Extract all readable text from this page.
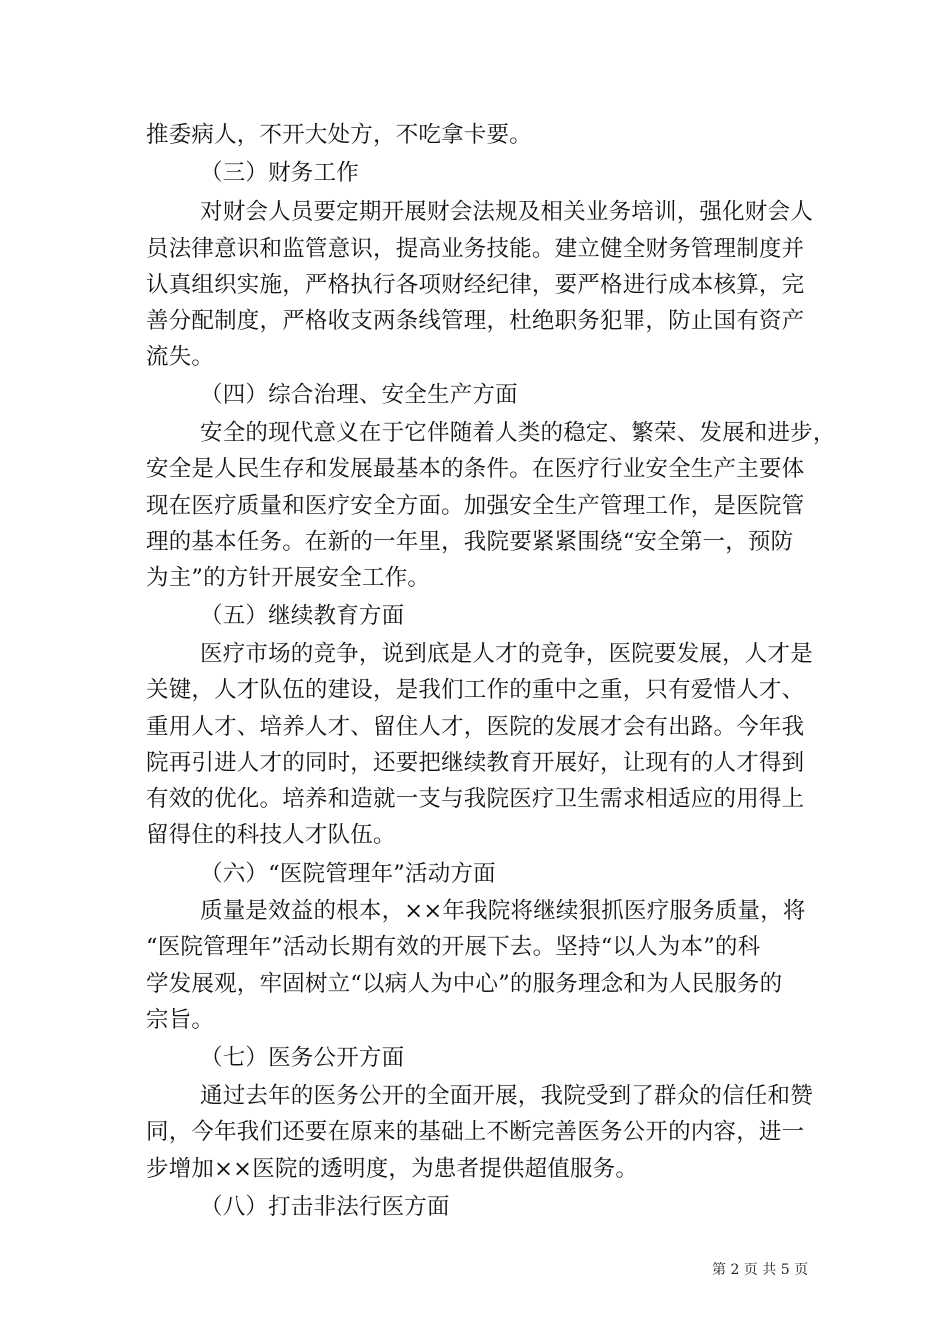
推委病人，不开大处方，不吃拿卡要。
（三）财务工作
对财会人员要定期开展财会法规及相关业务培训，强化财会人
员法律意识和监管意识，提高业务技能。建立健全财务管理制度并
认真组织实施，严格执行各项财经纪律，要严格进行成本核算，完
善分配制度，严格收支两条线管理，杜绝职务犯罪，防止国有资产
流失。
（四）综合治理、安全生产方面
安全的现代意义在于它伴随着人类的稳定、繁荣、发展和进步，
安全是人民生存和发展最基本的条件。在医疗行业安全生产主要体
现在医疗质量和医疗安全方面。加强安全生产管理工作，是医院管
理的基本任务。在新的一年里，我院要紧紧围绕“安全第一，预防
为主”的方针开展安全工作。
（五）继续教育方面
医疗市场的竞争，说到底是人才的竞争，医院要发展，人才是
关键，人才队伍的建设，是我们工作的重中之重，只有爱惜人才、
重用人才、培养人才、留住人才，医院的发展才会有出路。今年我
院再引进人才的同时，还要把继续教育开展好，让现有的人才得到
有效的优化。培养和造就一支与我院医疗卫生需求相适应的用得上
留得住的科技人才队伍。
（六）“医院管理年”活动方面
质量是效益的根本，××年我院将继续狠抓医疗服务质量，将
“医院管理年”活动长期有效的开展下去。坚持“以人为本”的科
学发展观，牢固树立“以病人为中心”的服务理念和为人民服务的
宗旨。
（七）医务公开方面
通过去年的医务公开的全面开展，我院受到了群众的信任和赞
同，今年我们还要在原来的基础上不断完善医务公开的内容，进一
步增加××医院的透明度，为患者提供超值服务。
（八）打击非法行医方面
第 2 页 共 5 页
